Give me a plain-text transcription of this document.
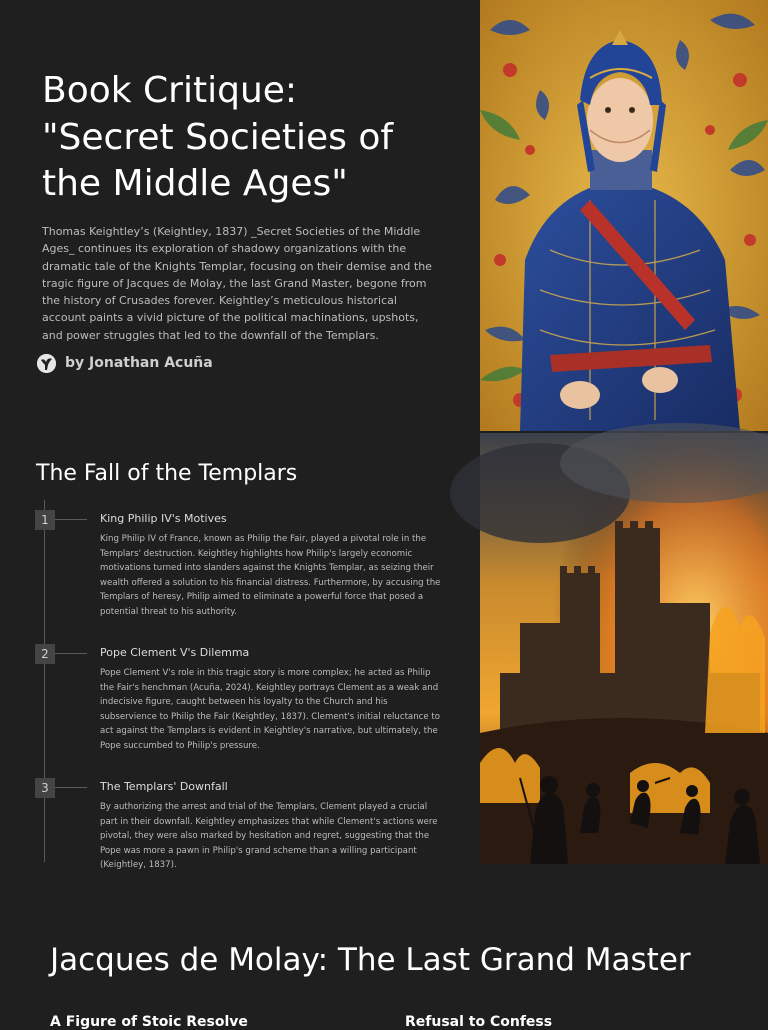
Book Critique:
"Secret Societies of
the Middle Ages"

Thomas Keightley’s (Keightley, 1837) _Secret Societies of the Middle Ages_ continues its exploration of shadowy organizations with the dramatic tale of the Knights Templar, focusing on their demise and the tragic figure of Jacques de Molay, the last Grand Master, begone from the history of Crusades forever. Keightley’s meticulous historical account paints a vivid picture of the political machinations, upshots, and power struggles that led to the downfall of the Templars.

by Jonathan Acuña
The Fall of the Templars
1	King Philip IV's Motives

King Philip IV of France, known as Philip the Fair, played a pivotal role in the Templars' destruction. Keightley highlights how Philip's largely economic motivations turned into slanders against the Knights Templar, as seizing their wealth offered a solution to his financial distress. Furthermore, by accusing the Templars of heresy, Philip aimed to eliminate a powerful force that posed a potential threat to his authority.

2	Pope Clement V's Dilemma

Pope Clement V's role in this tragic story is more complex; he acted as Philip the Fair's henchman (Acuña, 2024). Keightley portrays Clement as a weak and indecisive figure, caught between his loyalty to the Church and his subservience to Philip the Fair (Keightley, 1837). Clement's initial reluctance to act against the Templars is evident in Keightley's narrative, but ultimately, the Pope succumbed to Philip's pressure.

3	The Templars' Downfall

By authorizing the arrest and trial of the Templars, Clement played a crucial part in their downfall. Keightley emphasizes that while Clement's actions were pivotal, they were also marked by hesitation and regret, suggesting that the Pope was more a pawn in Philip's grand scheme than a willing participant (Keightley, 1837).

Jacques de Molay: The Last Grand Master
A Figure of Stoic Resolve	Refusal to Confess
